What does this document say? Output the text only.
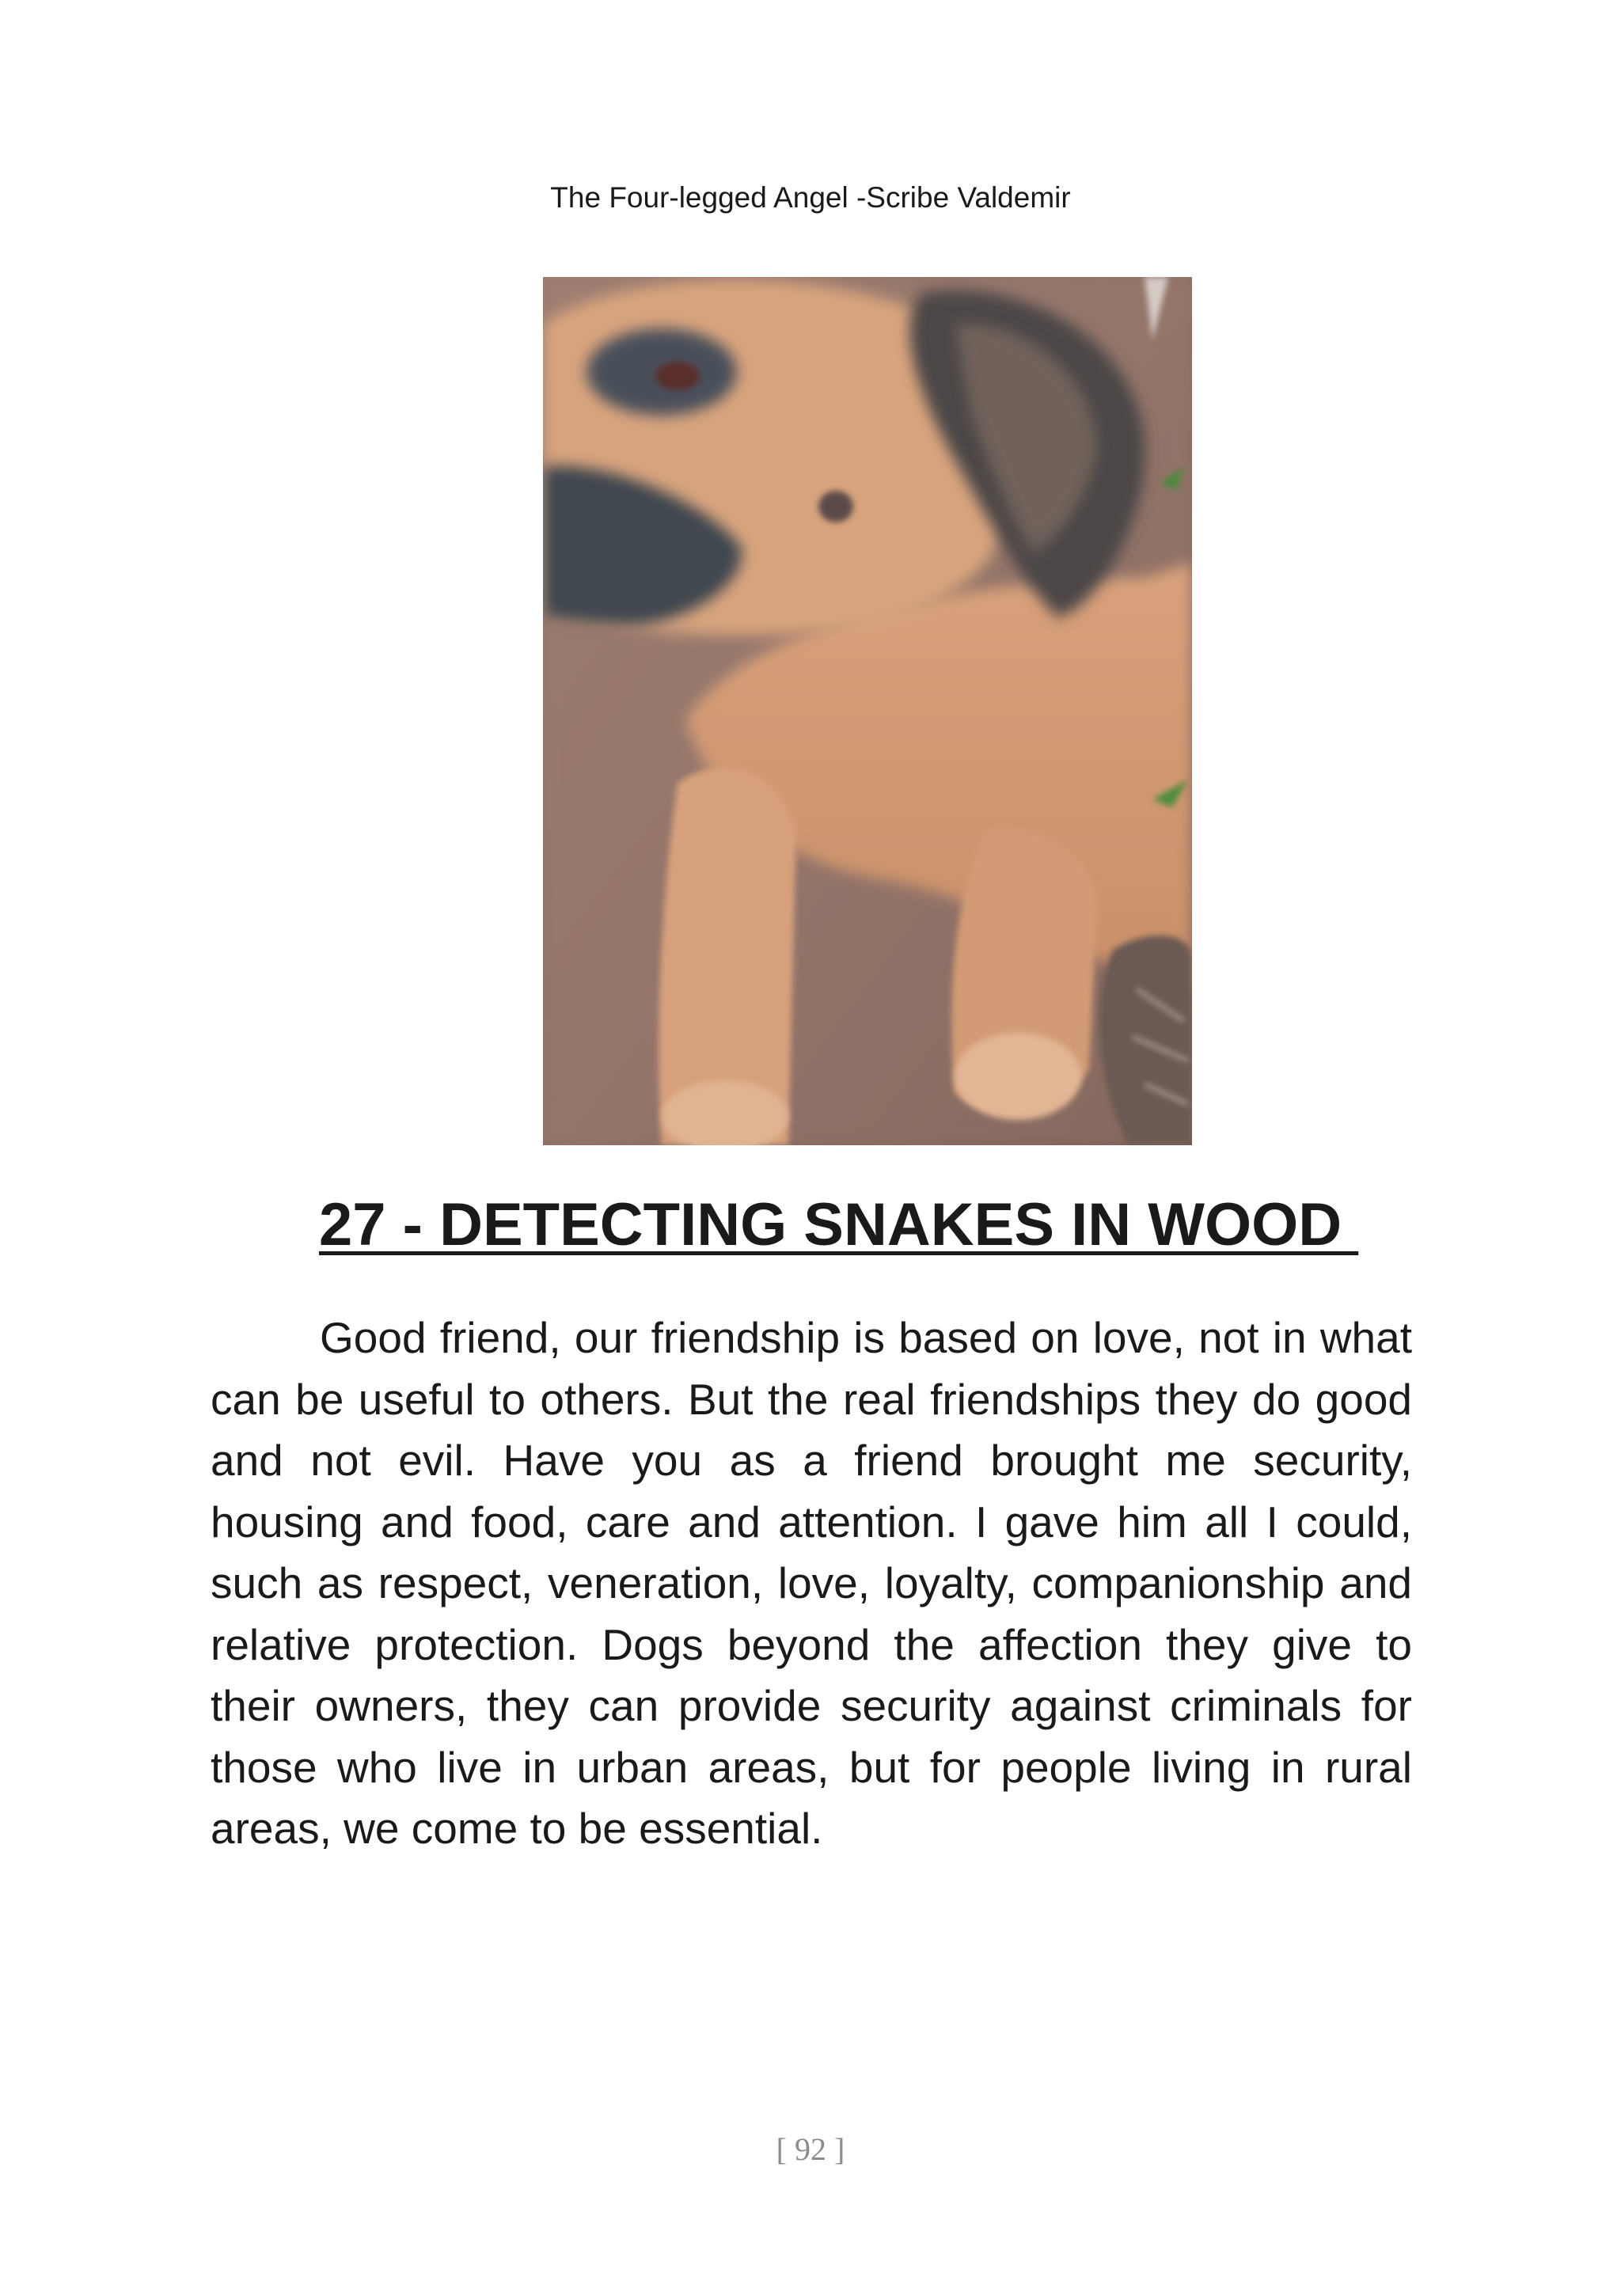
The Four-legged Angel -Scribe Valdemir
27 - DETECTING SNAKES IN WOOD

Good friend, our friendship is based on love, not in what can be useful to others. But the real friendships they do good and not evil. Have you as a friend brought me security, housing and food, care and attention. I gave him all I could, such as respect, veneration, love, loyalty, companionship and relative protection. Dogs beyond the affection they give to their owners, they can provide security against criminals for those who live in urban areas, but for people living in rural areas, we come to be essential.

[ 92 ]
